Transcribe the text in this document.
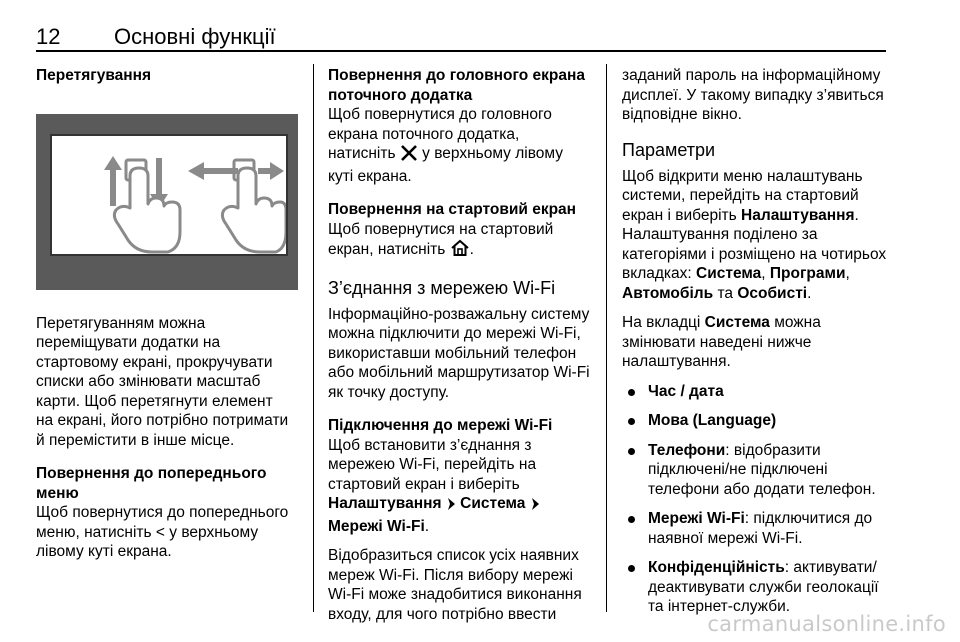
12 Основні функції
Перетягування

Перетягуванням можна переміщувати додатки на стартовому екрані, прокручувати списки або змінювати масштаб карти. Щоб перетягнути елемент на екрані, його потрібно потримати й перемістити в інше місце.

Повернення до попереднього меню

Щоб повернутися до попереднього меню, натисніть < у верхньому лівому куті екрана.

Повернення до головного екрана поточного додатка

Щоб повернутися до головного екрана поточного додатка, натисніть у верхньому лівому куті екрана.

Повернення на стартовий екран

Щоб повернутися на стартовий екран, натисніть .

З’єднання з мережею Wi-Fi

Інформаційно-розважальну систему можна підключити до мережі Wi-Fi, використавши мобільний телефон або мобільний маршрутизатор Wi-Fi як точку доступу.

Підключення до мережі Wi-Fi

Щоб встановити з’єднання з мережею Wi-Fi, перейдіть на стартовий екран і виберіть Налаштування Система  Мережі Wi-Fi.

Відобразиться список усіх наявних мереж Wi-Fi. Після вибору мережі Wi-Fi може знадобитися виконання входу, для чого потрібно ввести

заданий пароль на інформаційному дисплеї. У такому випадку з’явиться відповідне вікно.

Параметри

Щоб відкрити меню налаштувань системи, перейдіть на стартовий екран і виберіть Налаштування. Налаштування поділено за категоріями і розміщено на чотирьох вкладках: Система, Програми, Автомобіль та Особисті.

На вкладці Система можна змінювати наведені нижче налаштування.

Час / дата
Мова (Language)
Телефони: відобразити підключені/не підключені телефони або додати телефон.
Мережі Wi-Fi: підключитися до наявної мережі Wi-Fi.
Конфіденційність: активувати/деактивувати служби геолокації та інтернет-служби.
carmanualsonline.info
